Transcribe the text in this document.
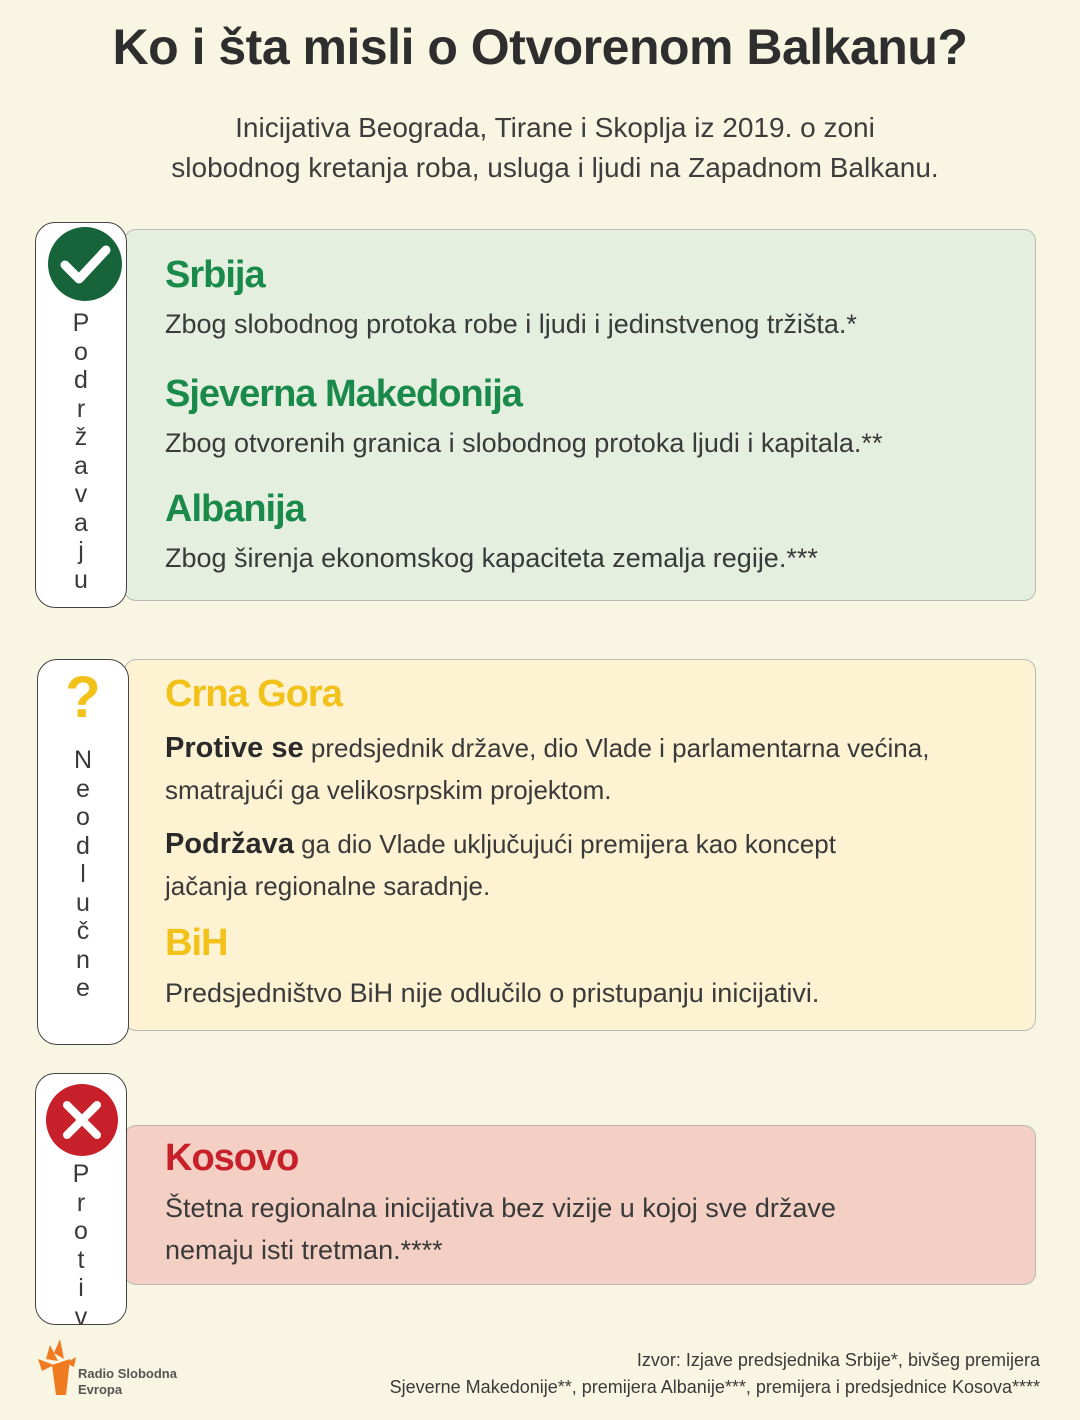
Ko i šta misli o Otvorenom Balkanu?
Inicijativa Beograda, Tirane i Skoplja iz 2019. o zoni
slobodnog kretanja roba, usluga i ljudi na Zapadnom Balkanu.
P
o
d
r
ž
a
v
a
j
u
Srbija
Zbog slobodnog protoka robe i ljudi i jedinstvenog tržišta.*
Sjeverna Makedonija
Zbog otvorenih granica i slobodnog protoka ljudi i kapitala.**
Albanija
Zbog širenja ekonomskog kapaciteta zemalja regije.***
?
N
e
o
d
l
u
č
n
e
Crna Gora
Protive se predsjednik države, dio Vlade i parlamentarna većina,
smatrajući ga velikosrpskim projektom.
Podržava ga dio Vlade uključujući premijera kao koncept
jačanja regionalne saradnje.
BiH
Predsjedništvo BiH nije odlučilo o pristupanju inicijativi.
P
r
o
t
i
v
Kosovo
Štetna regionalna inicijativa bez vizije u kojoj sve države
nemaju isti tretman.****
Radio Slobodna
Evropa
Izvor: Izjave predsjednika Srbije*, bivšeg premijera
Sjeverne Makedonije**, premijera Albanije***, premijera i predsjednice Kosova****
